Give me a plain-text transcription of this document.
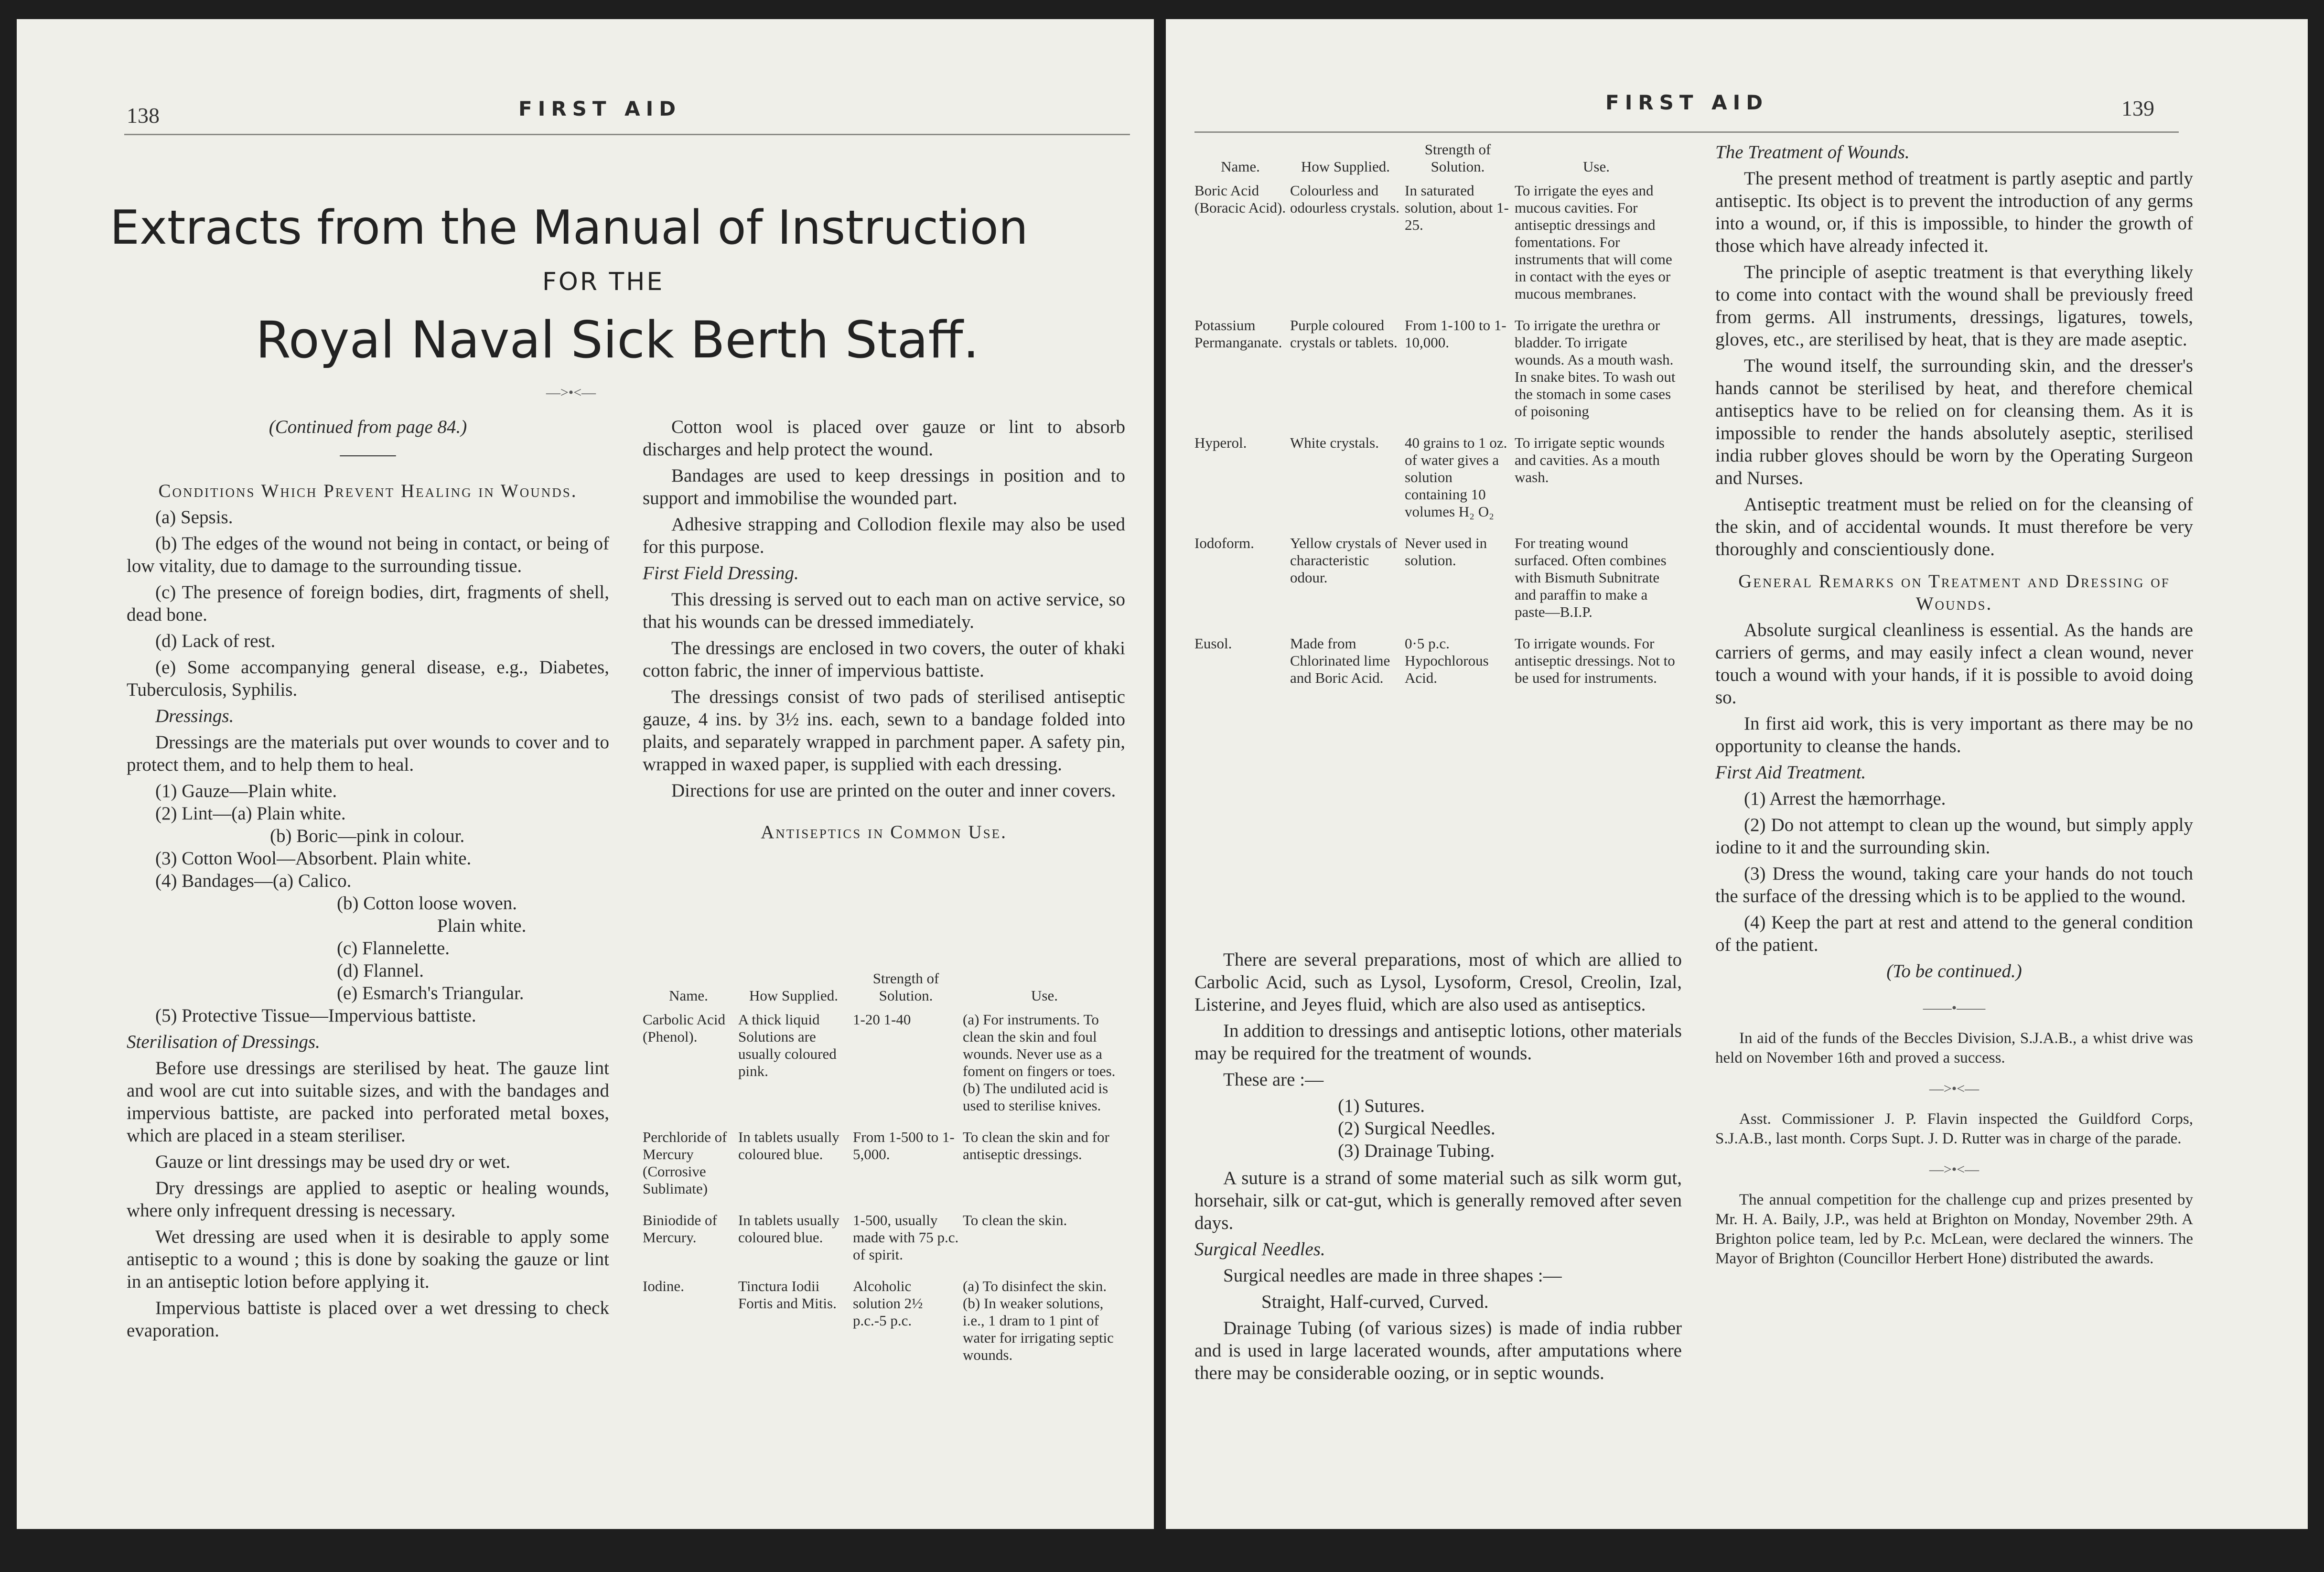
138	FIRST AID
Extracts from the Manual of Instruction
FOR THE
Royal Naval Sick Berth Staff.
—>•<—

(Continued from page 84.)

———

Conditions Which Prevent Healing in Wounds.

(a) Sepsis.

(b) The edges of the wound not being in contact, or being of low vitality, due to damage to the surrounding tissue.

(c) The presence of foreign bodies, dirt, fragments of shell, dead bone.

(d) Lack of rest.

(e) Some accompanying general disease, e.g., Diabetes, Tuberculosis, Syphilis.

Dressings.

Dressings are the materials put over wounds to cover and to protect them, and to help them to heal.

(1) Gauze—Plain white.
(2) Lint—(a) Plain white.
(b) Boric—pink in colour.
(3) Cotton Wool—Absorbent. Plain white.
(4) Bandages—(a) Calico.
(b) Cotton loose woven.
Plain white.
(c) Flannelette.
(d) Flannel.
(e) Esmarch's Triangular.
(5) Protective Tissue—Impervious battiste.

Sterilisation of Dressings.

Before use dressings are sterilised by heat. The gauze lint and wool are cut into suitable sizes, and with the bandages and impervious battiste, are packed into perforated metal boxes, which are placed in a steam steriliser.

Gauze or lint dressings may be used dry or wet.

Dry dressings are applied to aseptic or healing wounds, where only infrequent dressing is necessary.

Wet dressing are used when it is desirable to apply some antiseptic to a wound ; this is done by soaking the gauze or lint in an antiseptic lotion before applying it.

Impervious battiste is placed over a wet dressing to check evaporation.

Cotton wool is placed over gauze or lint to absorb discharges and help protect the wound.

Bandages are used to keep dressings in position and to support and immobilise the wounded part.

Adhesive strapping and Collodion flexile may also be used for this purpose.

First Field Dressing.

This dressing is served out to each man on active service, so that his wounds can be dressed immediately.

The dressings are enclosed in two covers, the outer of khaki cotton fabric, the inner of impervious battiste.

The dressings consist of two pads of sterilised antiseptic gauze, 4 ins. by 3½ ins. each, sewn to a bandage folded into plaits, and separately wrapped in parchment paper. A safety pin, wrapped in waxed paper, is supplied with each dressing.

Directions for use are printed on the outer and inner covers.

Antiseptics in Common Use.

Name.	How Supplied.	Strength of Solution.	Use.
Carbolic Acid (Phenol).	A thick liquid Solutions are usually coloured pink.	1-20 1-40	(a) For instruments. To clean the skin and foul wounds. Never use as a foment on fingers or toes. (b) The undiluted acid is used to sterilise knives.
Perchloride of Mercury (Corrosive Sublimate)	In tablets usually coloured blue.	From 1-500 to 1-5,000.	To clean the skin and for antiseptic dressings.
Biniodide of Mercury.	In tablets usually coloured blue.	1-500, usually made with 75 p.c. of spirit.	To clean the skin.
Iodine.	Tinctura Iodii Fortis and Mitis.	Alcoholic solution 2½ p.c.-5 p.c.	(a) To disinfect the skin. (b) In weaker solutions, i.e., 1 dram to 1 pint of water for irrigating septic wounds.
FIRST AID	139
Name.	How Supplied.	Strength of Solution.	Use.
Boric Acid (Boracic Acid).	Colourless and odourless crystals.	In saturated solution, about 1-25.	To irrigate the eyes and mucous cavities. For antiseptic dressings and fomentations. For instruments that will come in contact with the eyes or mucous membranes.
Potassium Permanganate.	Purple coloured crystals or tablets.	From 1-100 to 1-10,000.	To irrigate the urethra or bladder. To irrigate wounds. As a mouth wash. In snake bites. To wash out the stomach in some cases of poisoning
Hyperol.	White crystals.	40 grains to 1 oz. of water gives a solution containing 10 volumes H₂ O₂	To irrigate septic wounds and cavities. As a mouth wash.
Iodoform.	Yellow crystals of characteristic odour.	Never used in solution.	For treating wound surfaced. Often combines with Bismuth Subnitrate and paraffin to make a paste—B.I.P.
Eusol.	Made from Chlorinated lime and Boric Acid.	0·5 p.c. Hypochlorous Acid.	To irrigate wounds. For antiseptic dressings. Not to be used for instruments.

There are several preparations, most of which are allied to Carbolic Acid, such as Lysol, Lysoform, Cresol, Creolin, Izal, Listerine, and Jeyes fluid, which are also used as antiseptics.

In addition to dressings and antiseptic lotions, other materials may be required for the treatment of wounds.

These are :—

(1) Sutures.
(2) Surgical Needles.
(3) Drainage Tubing.

A suture is a strand of some material such as silk worm gut, horsehair, silk or cat-gut, which is generally removed after seven days.

Surgical Needles.

Surgical needles are made in three shapes :—

Straight, Half-curved, Curved.

Drainage Tubing (of various sizes) is made of india rubber and is used in large lacerated wounds, after amputations where there may be considerable oozing, or in septic wounds.

The Treatment of Wounds.

The present method of treatment is partly aseptic and partly antiseptic. Its object is to prevent the introduction of any germs into a wound, or, if this is impossible, to hinder the growth of those which have already infected it.

The principle of aseptic treatment is that everything likely to come into contact with the wound shall be previously freed from germs. All instruments, dressings, ligatures, towels, gloves, etc., are sterilised by heat, that is they are made aseptic.

The wound itself, the surrounding skin, and the dresser's hands cannot be sterilised by heat, and therefore chemical antiseptics have to be relied on for cleansing them. As it is impossible to render the hands absolutely aseptic, sterilised india rubber gloves should be worn by the Operating Surgeon and Nurses.

Antiseptic treatment must be relied on for the cleansing of the skin, and of accidental wounds. It must therefore be very thoroughly and conscientiously done.

General Remarks on Treatment and Dressing of Wounds.

Absolute surgical cleanliness is essential. As the hands are carriers of germs, and may easily infect a clean wound, never touch a wound with your hands, if it is possible to avoid doing so.

In first aid work, this is very important as there may be no opportunity to cleanse the hands.

First Aid Treatment.

(1) Arrest the hæmorrhage.

(2) Do not attempt to clean up the wound, but simply apply iodine to it and the surrounding skin.

(3) Dress the wound, taking care your hands do not touch the surface of the dressing which is to be applied to the wound.

(4) Keep the part at rest and attend to the general condition of the patient.

(To be continued.)

——•——

In aid of the funds of the Beccles Division, S.J.A.B., a whist drive was held on November 16th and proved a success.

—>•<—

Asst. Commissioner J. P. Flavin inspected the Guildford Corps, S.J.A.B., last month. Corps Supt. J. D. Rutter was in charge of the parade.

—>•<—

The annual competition for the challenge cup and prizes presented by Mr. H. A. Baily, J.P., was held at Brighton on Monday, November 29th. A Brighton police team, led by P.c. McLean, were declared the winners. The Mayor of Brighton (Councillor Herbert Hone) distributed the awards.
